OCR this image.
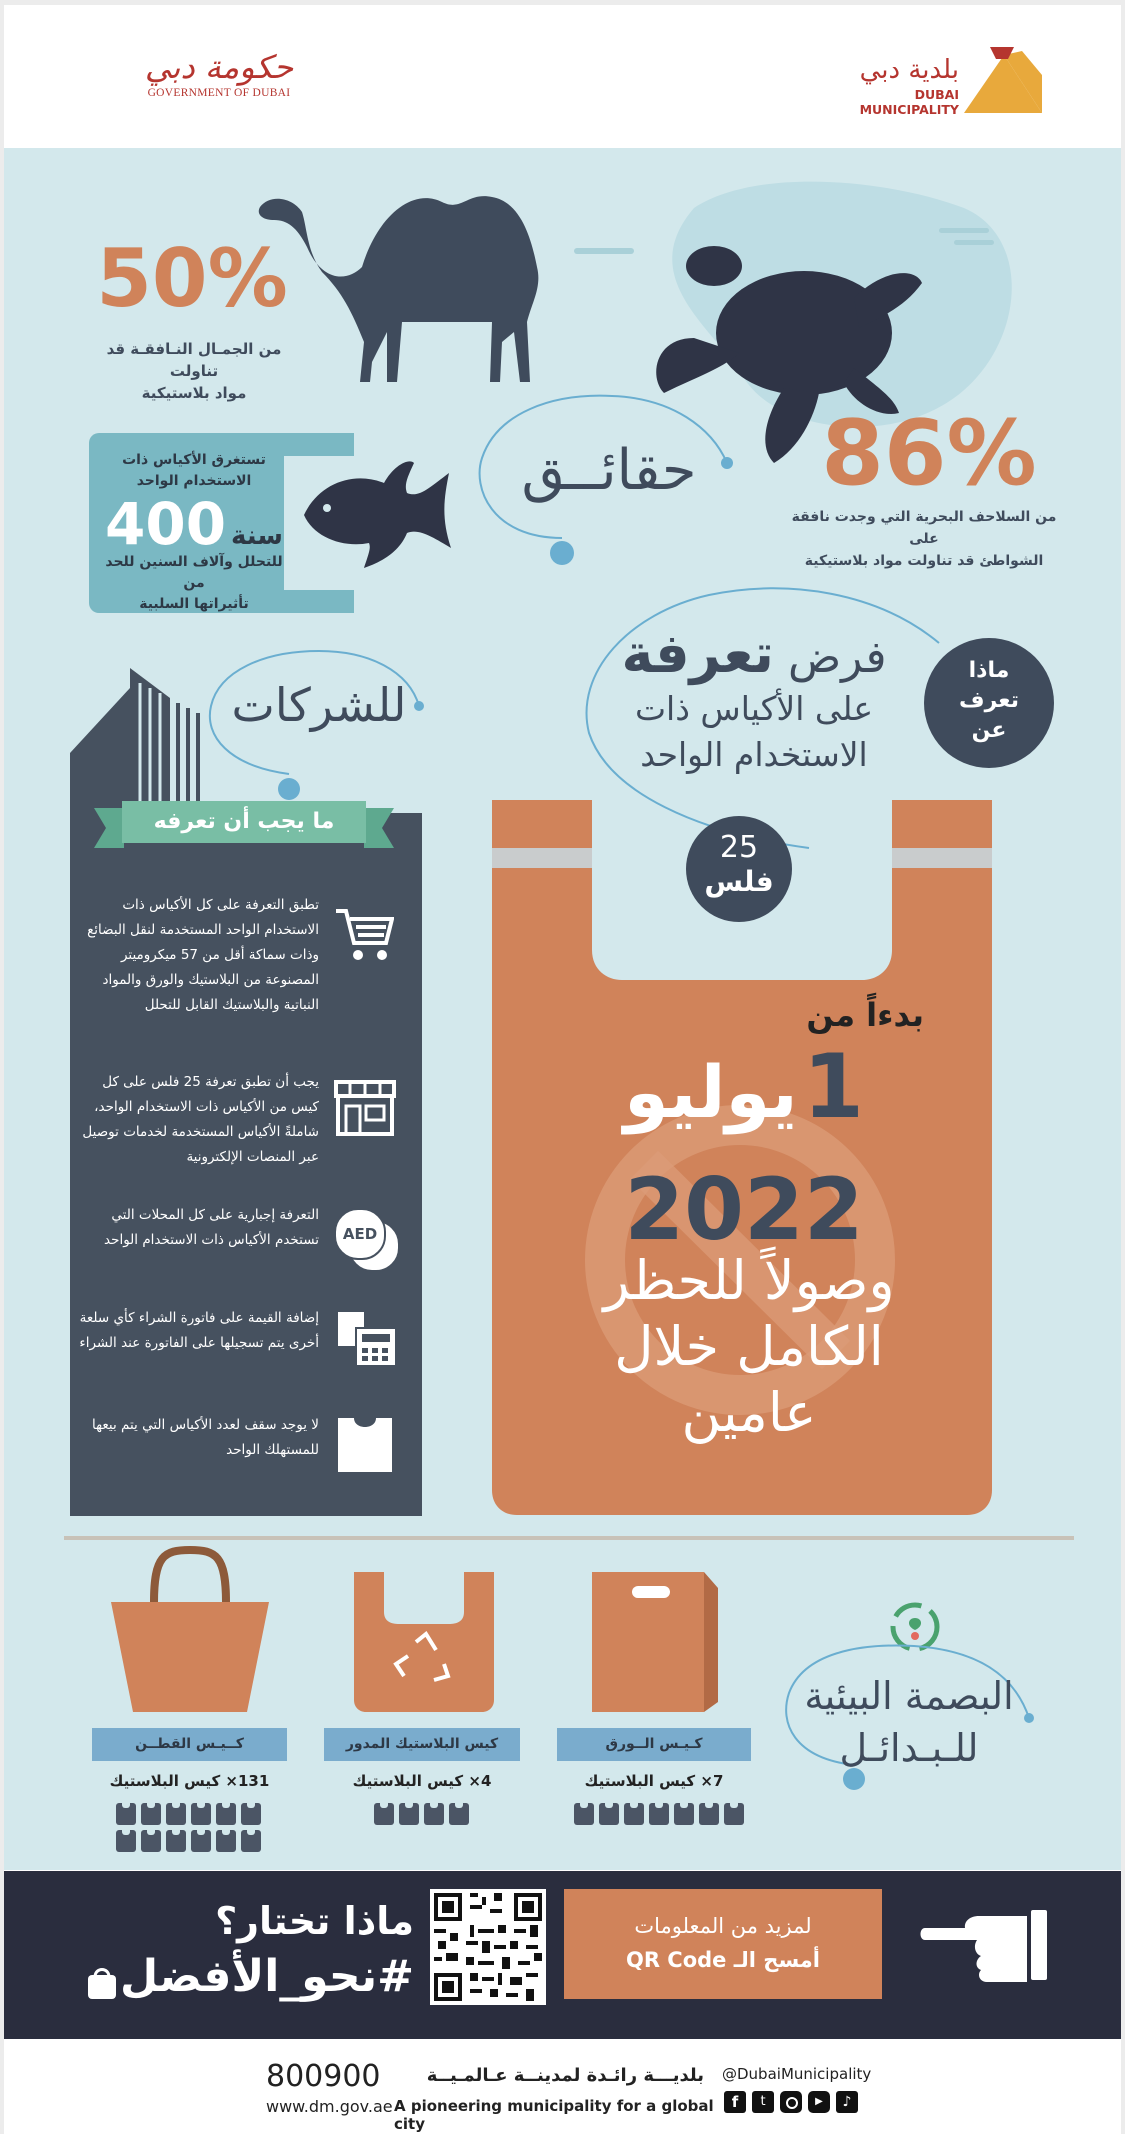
حكومة دبي
GOVERNMENT OF DUBAI
بلدية دبي
DUBAI MUNICIPALITY
50%
من الجمـال النـافقـة قد تناولت
مواد بلاستيكية
حقائــق	86%
من السلاحف البحرية التي وجدت نافقة على
الشواطئ قد تناولت مواد بلاستيكية
تستغرق الأكياس ذات
الاستخدام الواحد
سنة 400
للتحلل وآلاف السنين للحد من
تأثيراتها السلبية
فرض تعرفة
على الأكياس ذات
الاستخدام الواحد
ماذا
تعرف
عن
25
فلس
بدءاً من
1 يوليو
2022
وصولاً للحظر
الكامل خلال
عامين
للشركات
ما يجب أن تعرفه
تطبق التعرفة على كل الأكياس ذات الاستخدام الواحد المستخدمة لنقل البضائع وذات سماكة أقل من 57 ميكروميتر المصنوعة من البلاستيك والورق والمواد النباتية والبلاستيك القابل للتحلل
يجب أن تطبق تعرفة 25 فلس على كل كيس من الأكياس ذات الاستخدام الواحد، شاملةً الأكياس المستخدمة لخدمات توصيل عبر المنصات الإلكترونية
التعرفة إجبارية على كل المحلات التي تستخدم الأكياس ذات الاستخدام الواحد	AED
إضافة القيمة على فاتورة الشراء كأي سلعة أخرى يتم تسجيلها على الفاتورة عند الشراء
لا يوجد سقف لعدد الأكياس التي يتم بيعها للمستهلك الواحد
البصمة البيئية
للـبـدائـل
كـيـس الــورق
7× كيس البلاستيك
كيس البلاستيك المدور
4× كيس البلاستيك
كــيـس القطــن
131× كيس البلاستيك
ماذا تختار؟
#نحو_الأفضل
لمزيد من المعلومات
أمسح الـ QR Code
800900
www.dm.gov.ae
بلديـــة رائـدة لمدينــة عـالمـيــة
A pioneering municipality for a global city
@DubaiMunicipality
f	t	▶	♪
